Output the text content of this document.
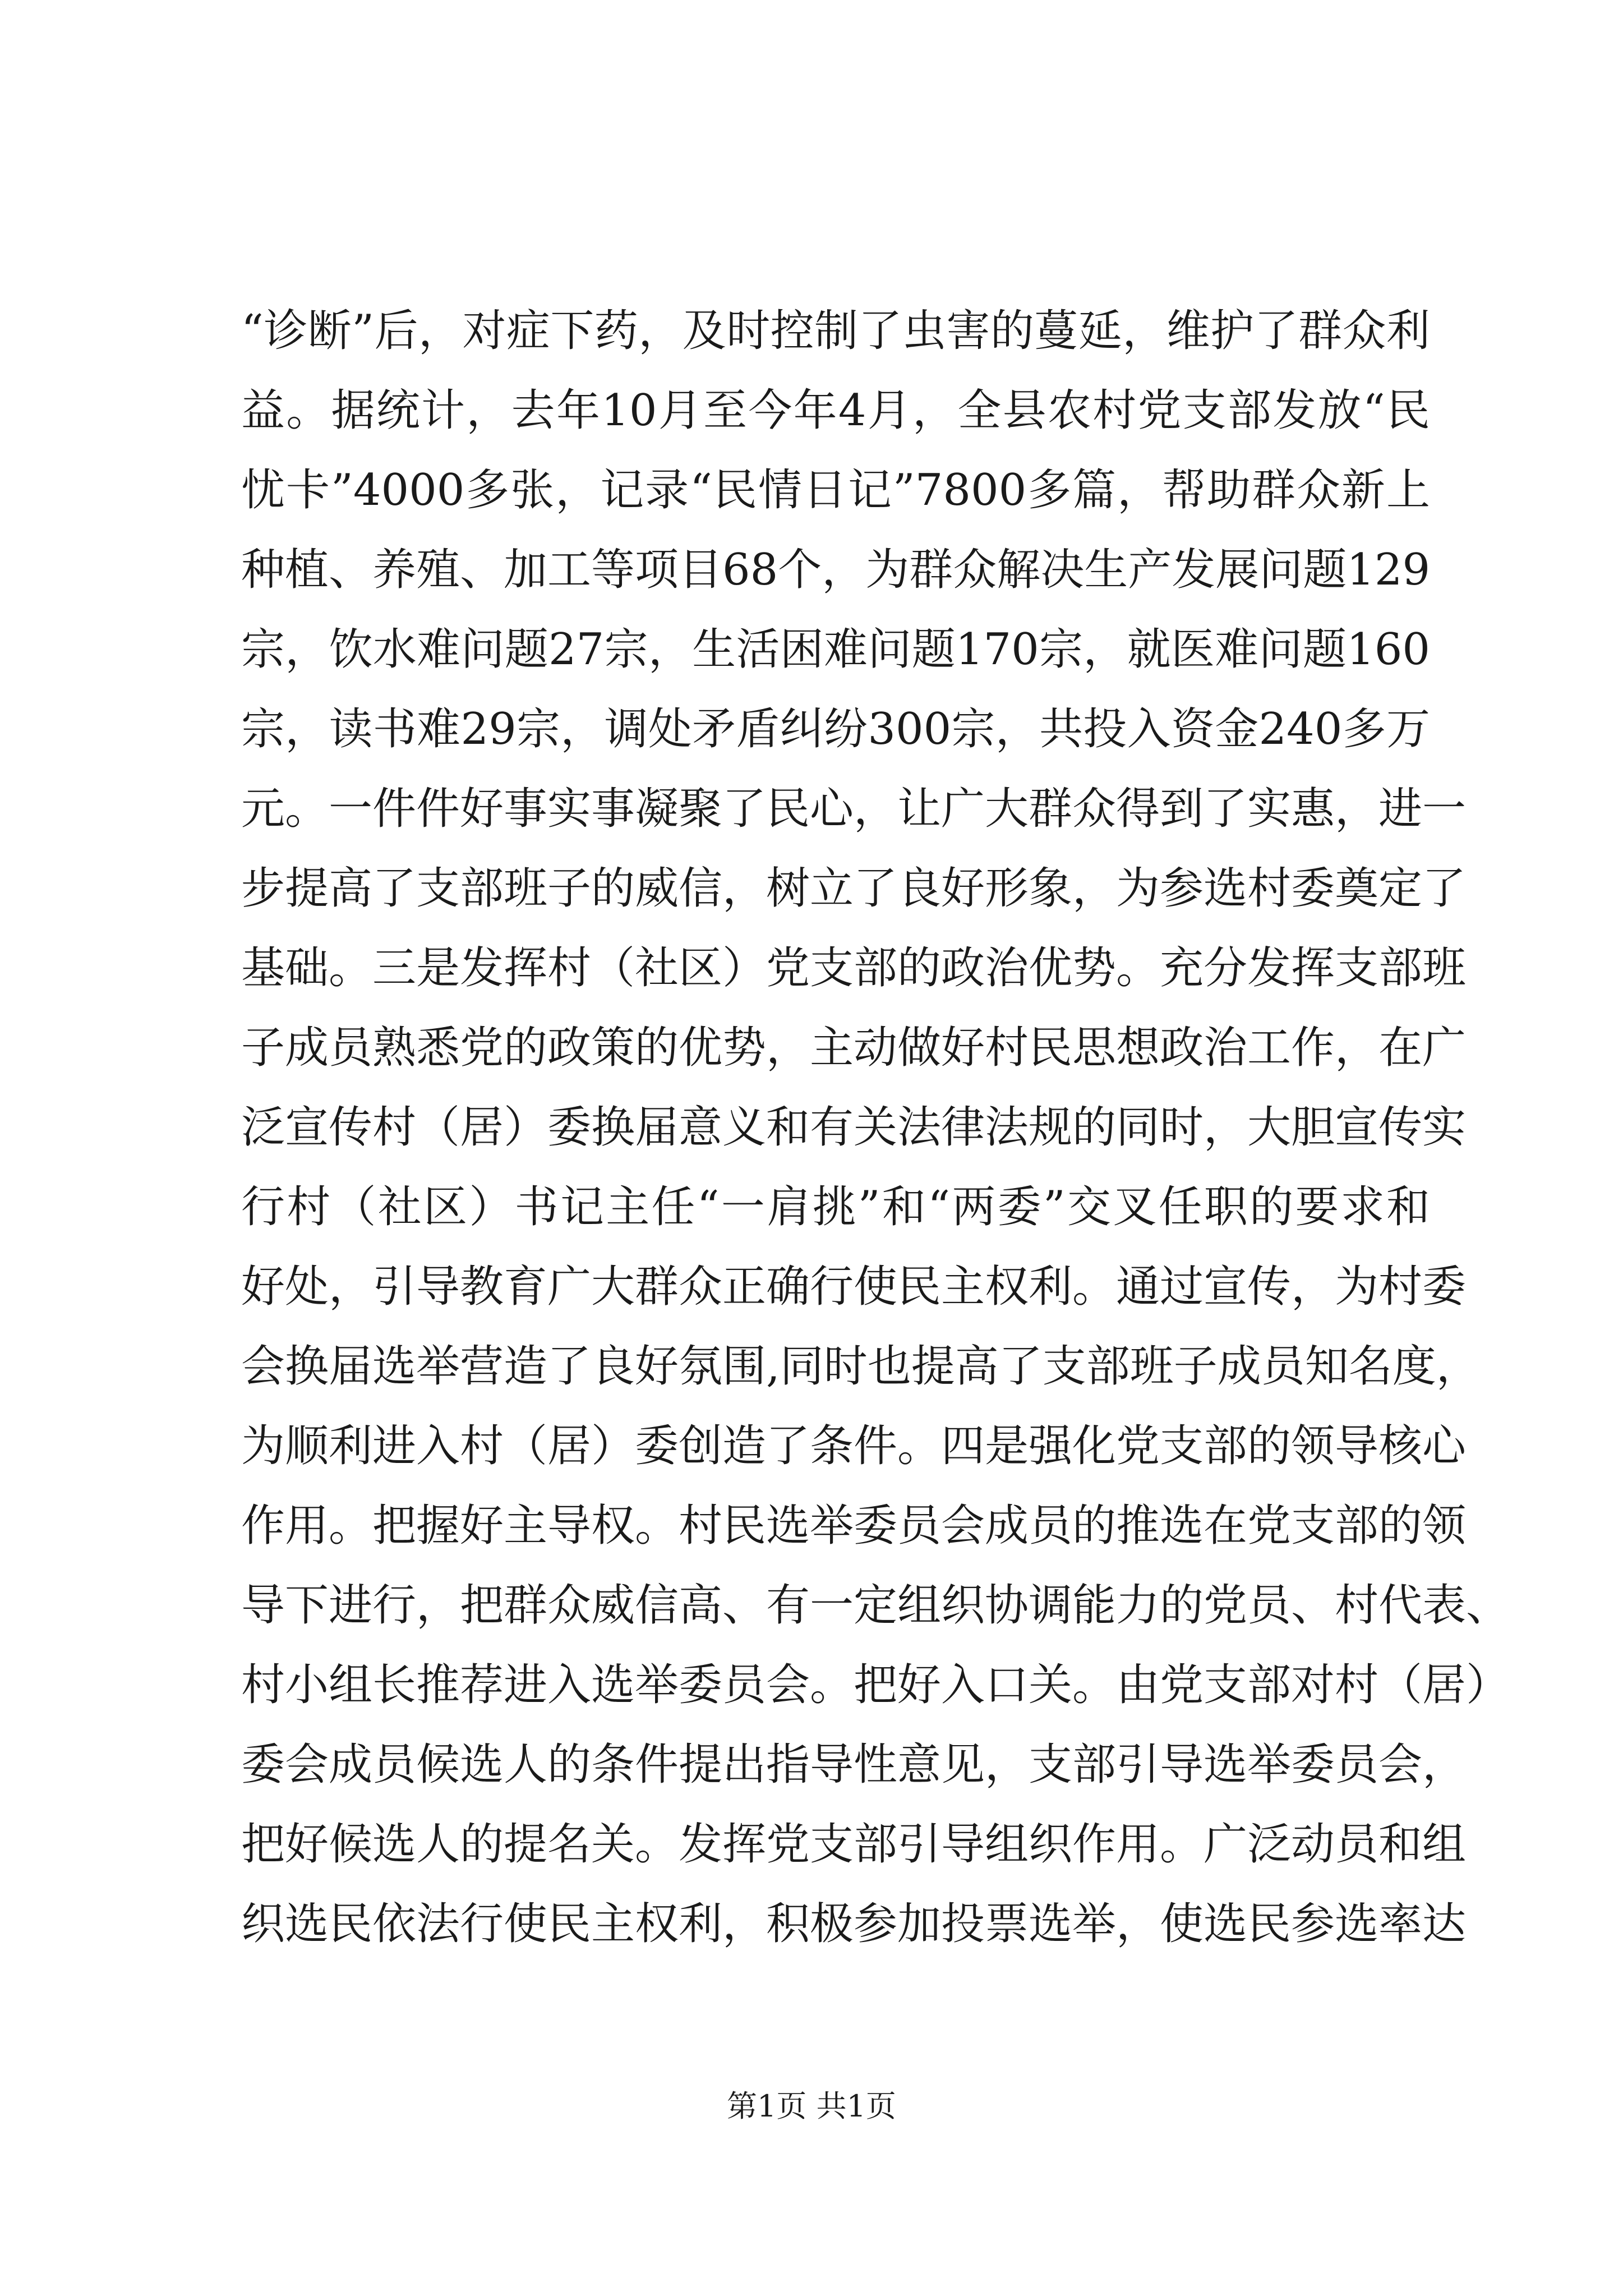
“诊断”后，对症下药，及时控制了虫害的蔓延，维护了群众利
益。据统计，去年10月至今年4月，全县农村党支部发放“民
忧卡”4000多张，记录“民情日记”7800多篇，帮助群众新上
种植、养殖、加工等项目68个，为群众解决生产发展问题129
宗，饮水难问题27宗，生活困难问题170宗，就医难问题160
宗，读书难29宗，调处矛盾纠纷300宗，共投入资金240多万
元。一件件好事实事凝聚了民心，让广大群众得到了实惠，进一
步提高了支部班子的威信，树立了良好形象，为参选村委奠定了
基础。三是发挥村（社区）党支部的政治优势。充分发挥支部班
子成员熟悉党的政策的优势，主动做好村民思想政治工作，在广
泛宣传村（居）委换届意义和有关法律法规的同时，大胆宣传实
行村（社区）书记主任“一肩挑”和“两委”交叉任职的要求和
好处，引导教育广大群众正确行使民主权利。通过宣传，为村委
会换届选举营造了良好氛围,同时也提高了支部班子成员知名度，
为顺利进入村（居）委创造了条件。四是强化党支部的领导核心
作用。把握好主导权。村民选举委员会成员的推选在党支部的领
导下进行，把群众威信高、有一定组织协调能力的党员、村代表、
村小组长推荐进入选举委员会。把好入口关。由党支部对村（居）
委会成员候选人的条件提出指导性意见，支部引导选举委员会，
把好候选人的提名关。发挥党支部引导组织作用。广泛动员和组
织选民依法行使民主权利，积极参加投票选举，使选民参选率达
第1页 共1页
